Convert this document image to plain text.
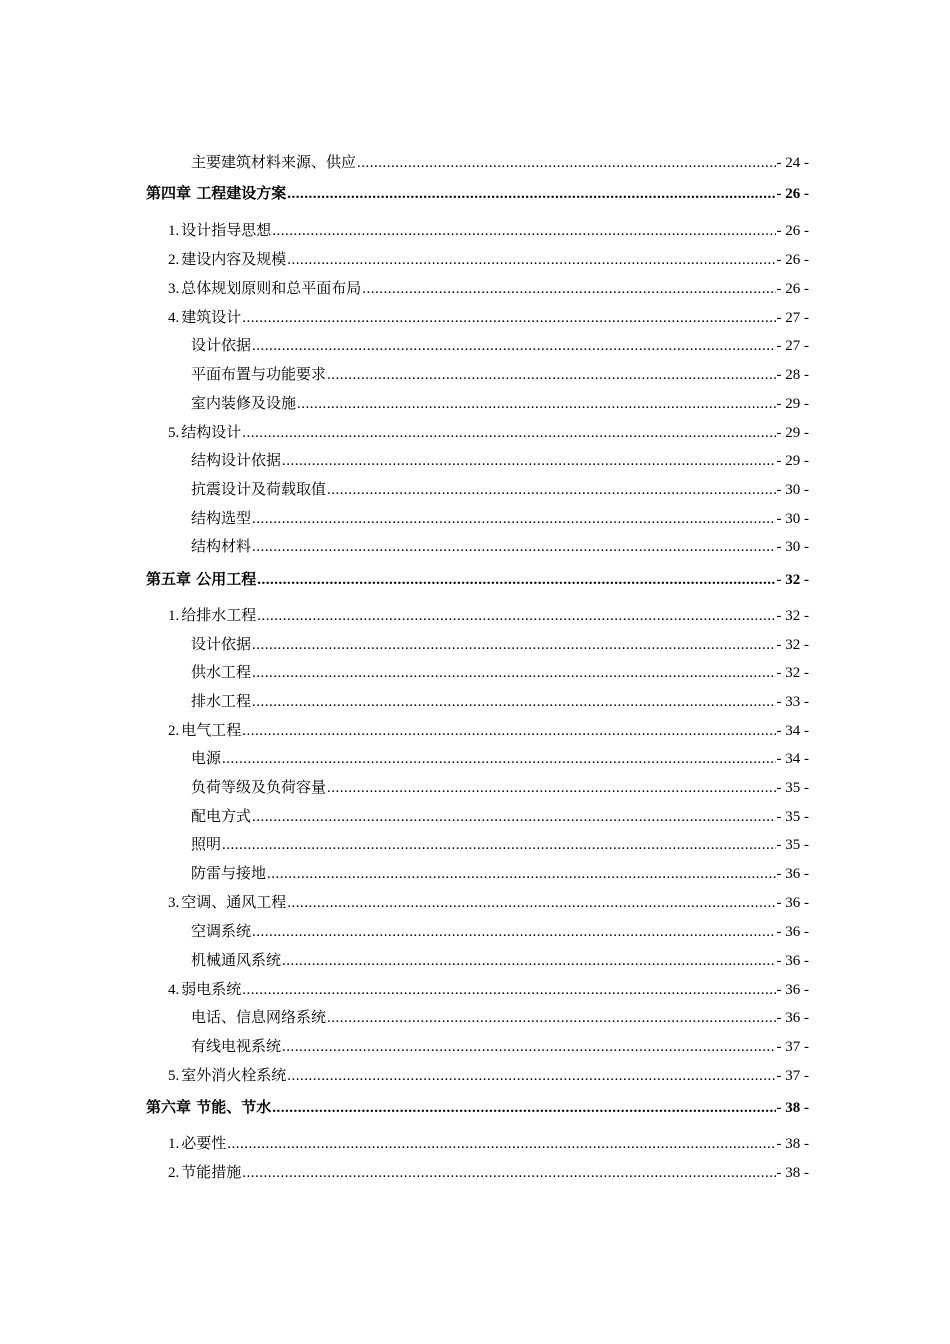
主要建筑材料来源、供应 .....	- 24 -
第四章 工程建设方案 .....	- 26 -
1. 设计指导思想 .....	- 26 -
2. 建设内容及规模 .....	- 26 -
3. 总体规划原则和总平面布局 .....	- 26 -
4. 建筑设计 .....	- 27 -
设计依据 .....	- 27 -
平面布置与功能要求 .....	- 28 -
室内装修及设施 .....	- 29 -
5. 结构设计 .....	- 29 -
结构设计依据 .....	- 29 -
抗震设计及荷载取值 .....	- 30 -
结构选型 .....	- 30 -
结构材料 .....	- 30 -
第五章 公用工程 .....	- 32 -
1. 给排水工程 .....	- 32 -
设计依据 .....	- 32 -
供水工程 .....	- 32 -
排水工程 .....	- 33 -
2. 电气工程 .....	- 34 -
电源 .....	- 34 -
负荷等级及负荷容量 .....	- 35 -
配电方式 .....	- 35 -
照明 .....	- 35 -
防雷与接地 .....	- 36 -
3. 空调、通风工程 .....	- 36 -
空调系统 .....	- 36 -
机械通风系统 .....	- 36 -
4. 弱电系统 .....	- 36 -
电话、信息网络系统 .....	- 36 -
有线电视系统 .....	- 37 -
5. 室外消火栓系统 .....	- 37 -
第六章 节能、节水 .....	- 38 -
1. 必要性 .....	- 38 -
2. 节能措施 .....	- 38 -
